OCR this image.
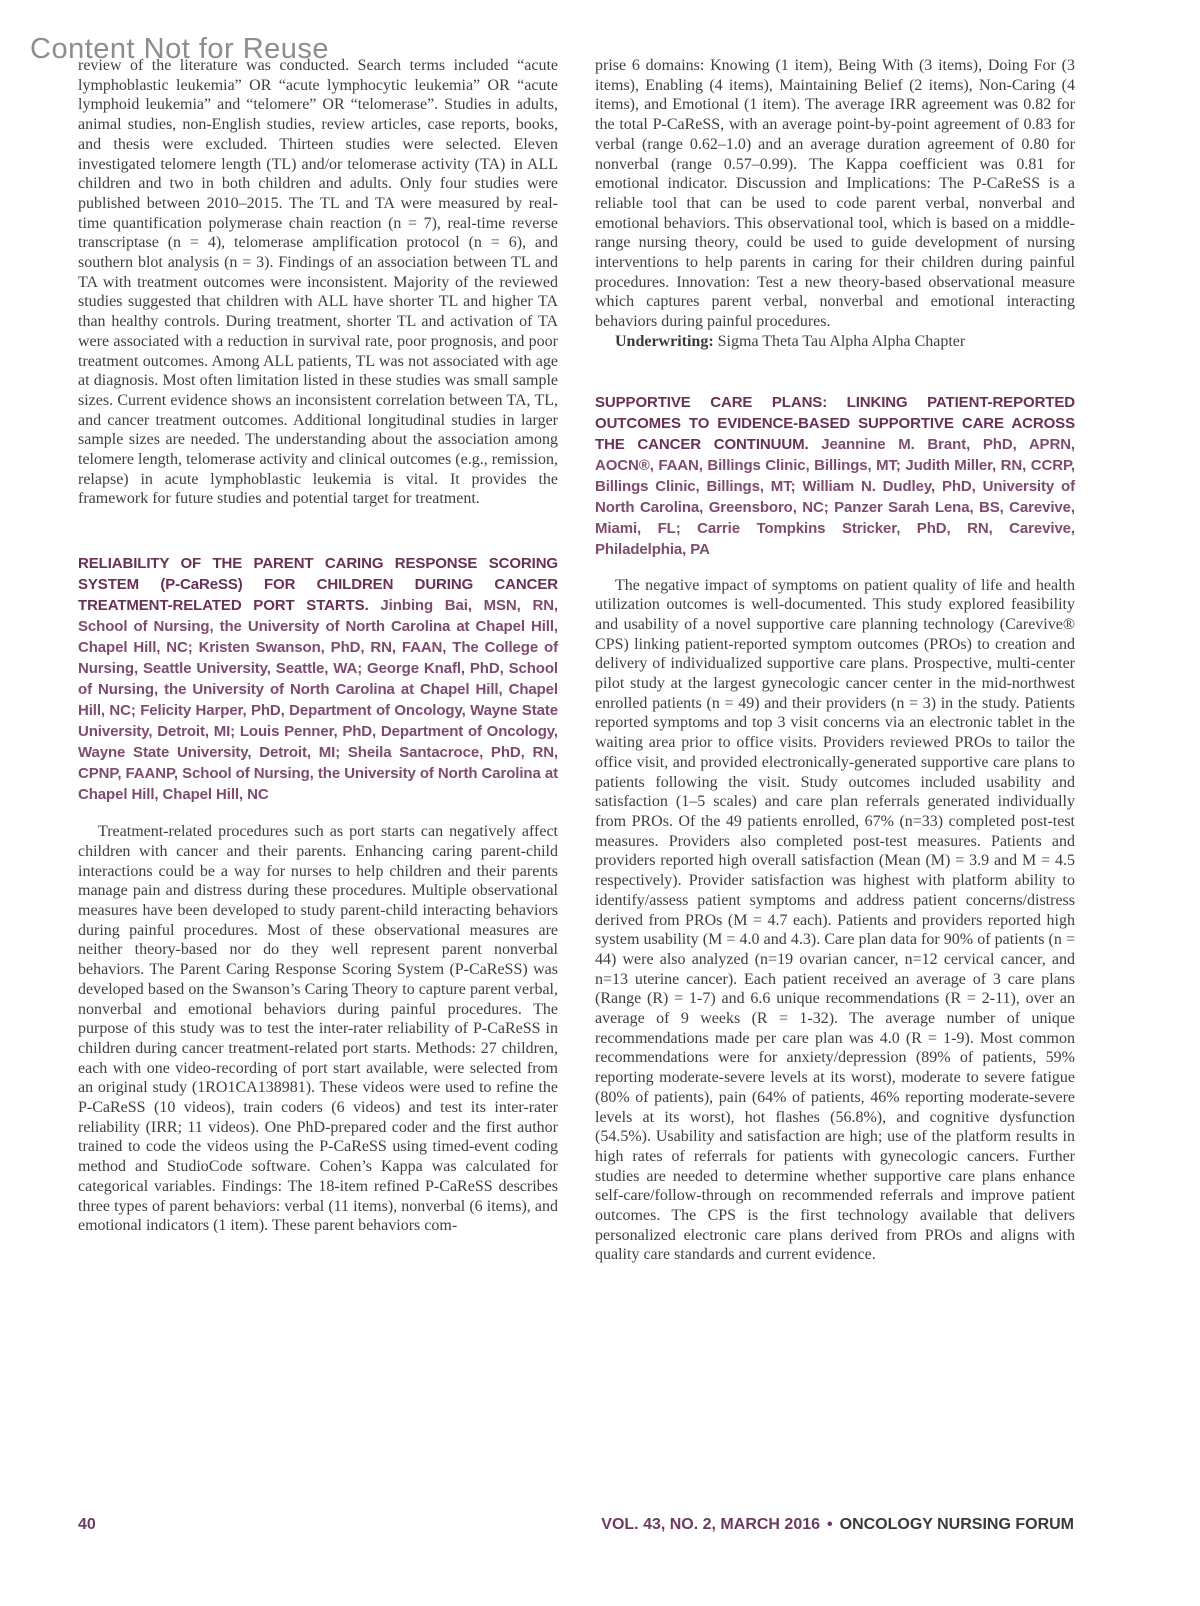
Content Not for Reuse

review of the literature was conducted. Search terms included “acute lymphoblastic leukemia” OR “acute lymphocytic leukemia” OR “acute lymphoid leukemia” and “telomere” OR “telomerase”. Studies in adults, animal studies, non-English studies, review articles, case reports, books, and thesis were excluded. Thirteen studies were selected. Eleven investigated telomere length (TL) and/or telomerase activity (TA) in ALL children and two in both children and adults. Only four studies were published between 2010–2015. The TL and TA were measured by real-time quantification polymerase chain reaction (n = 7), real-time reverse transcriptase (n = 4), telomerase amplification protocol (n = 6), and southern blot analysis (n = 3). Findings of an association between TL and TA with treatment outcomes were inconsistent. Majority of the reviewed studies suggested that children with ALL have shorter TL and higher TA than healthy controls. During treatment, shorter TL and activation of TA were associated with a reduction in survival rate, poor prognosis, and poor treatment outcomes. Among ALL patients, TL was not associated with age at diagnosis. Most often limitation listed in these studies was small sample sizes. Current evidence shows an inconsistent correlation between TA, TL, and cancer treatment outcomes. Additional longitudinal studies in larger sample sizes are needed. The understanding about the association among telomere length, telomerase activity and clinical outcomes (e.g., remission, relapse) in acute lymphoblastic leukemia is vital. It provides the framework for future studies and potential target for treatment.

RELIABILITY OF THE PARENT CARING RESPONSE SCORING SYSTEM (P-CaReSS) FOR CHILDREN DURING CANCER TREATMENT-RELATED PORT STARTS. Jinbing Bai, MSN, RN, School of Nursing, the University of North Carolina at Chapel Hill, Chapel Hill, NC; Kristen Swanson, PhD, RN, FAAN, The College of Nursing, Seattle University, Seattle, WA; George Knafl, PhD, School of Nursing, the University of North Carolina at Chapel Hill, Chapel Hill, NC; Felicity Harper, PhD, Department of Oncology, Wayne State University, Detroit, MI; Louis Penner, PhD, Department of Oncology, Wayne State University, Detroit, MI; Sheila Santacroce, PhD, RN, CPNP, FAANP, School of Nursing, the University of North Carolina at Chapel Hill, Chapel Hill, NC

Treatment-related procedures such as port starts can negatively affect children with cancer and their parents. Enhancing caring parent-child interactions could be a way for nurses to help children and their parents manage pain and distress during these procedures. Multiple observational measures have been developed to study parent-child interacting behaviors during painful procedures. Most of these observational measures are neither theory-based nor do they well represent parent nonverbal behaviors. The Parent Caring Response Scoring System (P-CaReSS) was developed based on the Swanson’s Caring Theory to capture parent verbal, nonverbal and emotional behaviors during painful procedures. The purpose of this study was to test the inter-rater reliability of P-CaReSS in children during cancer treatment-related port starts. Methods: 27 children, each with one video-recording of port start available, were selected from an original study (1RO1CA138981). These videos were used to refine the P-CaReSS (10 videos), train coders (6 videos) and test its inter-rater reliability (IRR; 11 videos). One PhD-prepared coder and the first author trained to code the videos using the P-CaReSS using timed-event coding method and StudioCode software. Cohen’s Kappa was calculated for categorical variables. Findings: The 18-item refined P-CaReSS describes three types of parent behaviors: verbal (11 items), nonverbal (6 items), and emotional indicators (1 item). These parent behaviors com-

prise 6 domains: Knowing (1 item), Being With (3 items), Doing For (3 items), Enabling (4 items), Maintaining Belief (2 items), Non-Caring (4 items), and Emotional (1 item). The average IRR agreement was 0.82 for the total P-CaReSS, with an average point-by-point agreement of 0.83 for verbal (range 0.62–1.0) and an average duration agreement of 0.80 for nonverbal (range 0.57–0.99). The Kappa coefficient was 0.81 for emotional indicator. Discussion and Implications: The P-CaReSS is a reliable tool that can be used to code parent verbal, nonverbal and emotional behaviors. This observational tool, which is based on a middle-range nursing theory, could be used to guide development of nursing interventions to help parents in caring for their children during painful procedures. Innovation: Test a new theory-based observational measure which captures parent verbal, nonverbal and emotional interacting behaviors during painful procedures.

Underwriting: Sigma Theta Tau Alpha Alpha Chapter

SUPPORTIVE CARE PLANS: LINKING PATIENT-REPORTED OUTCOMES TO EVIDENCE-BASED SUPPORTIVE CARE ACROSS THE CANCER CONTINUUM. Jeannine M. Brant, PhD, APRN, AOCN®, FAAN, Billings Clinic, Billings, MT; Judith Miller, RN, CCRP, Billings Clinic, Billings, MT; William N. Dudley, PhD, University of North Carolina, Greensboro, NC; Panzer Sarah Lena, BS, Carevive, Miami, FL; Carrie Tompkins Stricker, PhD, RN, Carevive, Philadelphia, PA

The negative impact of symptoms on patient quality of life and health utilization outcomes is well-documented. This study explored feasibility and usability of a novel supportive care planning technology (Carevive® CPS) linking patient-reported symptom outcomes (PROs) to creation and delivery of individualized supportive care plans. Prospective, multi-center pilot study at the largest gynecologic cancer center in the mid-northwest enrolled patients (n = 49) and their providers (n = 3) in the study. Patients reported symptoms and top 3 visit concerns via an electronic tablet in the waiting area prior to office visits. Providers reviewed PROs to tailor the office visit, and provided electronically-generated supportive care plans to patients following the visit. Study outcomes included usability and satisfaction (1–5 scales) and care plan referrals generated individually from PROs. Of the 49 patients enrolled, 67% (n=33) completed post-test measures. Providers also completed post-test measures. Patients and providers reported high overall satisfaction (Mean (M) = 3.9 and M = 4.5 respectively). Provider satisfaction was highest with platform ability to identify/assess patient symptoms and address patient concerns/distress derived from PROs (M = 4.7 each). Patients and providers reported high system usability (M = 4.0 and 4.3). Care plan data for 90% of patients (n = 44) were also analyzed (n=19 ovarian cancer, n=12 cervical cancer, and n=13 uterine cancer). Each patient received an average of 3 care plans (Range (R) = 1-7) and 6.6 unique recommendations (R = 2-11), over an average of 9 weeks (R = 1-32). The average number of unique recommendations made per care plan was 4.0 (R = 1-9). Most common recommendations were for anxiety/depression (89% of patients, 59% reporting moderate-severe levels at its worst), moderate to severe fatigue (80% of patients), pain (64% of patients, 46% reporting moderate-severe levels at its worst), hot flashes (56.8%), and cognitive dysfunction (54.5%). Usability and satisfaction are high; use of the platform results in high rates of referrals for patients with gynecologic cancers. Further studies are needed to determine whether supportive care plans enhance self-care/follow-through on recommended referrals and improve patient outcomes. The CPS is the first technology available that delivers personalized electronic care plans derived from PROs and aligns with quality care standards and current evidence.

40	VOL. 43, NO. 2, MARCH 2016 • ONCOLOGY NURSING FORUM
